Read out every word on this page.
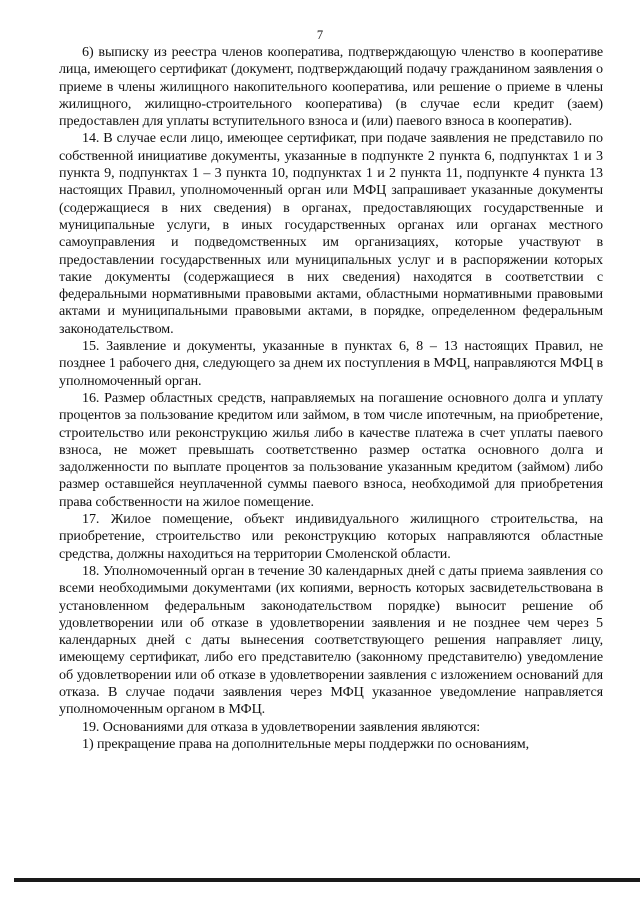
7

6) выписку из реестра членов кооператива, подтверждающую членство в кооперативе лица, имеющего сертификат (документ, подтверждающий подачу гражданином заявления о приеме в члены жилищного накопительного кооператива, или решение о приеме в члены жилищного, жилищно-строительного кооператива) (в случае если кредит (заем) предоставлен для уплаты вступительного взноса и (или) паевого взноса в кооператив).

14. В случае если лицо, имеющее сертификат, при подаче заявления не представило по собственной инициативе документы, указанные в подпункте 2 пункта 6, подпунктах 1 и 3 пункта 9, подпунктах 1 – 3 пункта 10, подпунктах 1 и 2 пункта 11, подпункте 4 пункта 13 настоящих Правил, уполномоченный орган или МФЦ запрашивает указанные документы (содержащиеся в них сведения) в органах, предоставляющих государственные и муниципальные услуги, в иных государственных органах или органах местного самоуправления и подведомственных им организациях, которые участвуют в предоставлении государственных или муниципальных услуг и в распоряжении которых такие документы (содержащиеся в них сведения) находятся в соответствии с федеральными нормативными правовыми актами, областными нормативными правовыми актами и муниципальными правовыми актами, в порядке, определенном федеральным законодательством.

15. Заявление и документы, указанные в пунктах 6, 8 – 13 настоящих Правил, не позднее 1 рабочего дня, следующего за днем их поступления в МФЦ, направляются МФЦ в уполномоченный орган.

16. Размер областных средств, направляемых на погашение основного долга и уплату процентов за пользование кредитом или займом, в том числе ипотечным, на приобретение, строительство или реконструкцию жилья либо в качестве платежа в счет уплаты паевого взноса, не может превышать соответственно размер остатка основного долга и задолженности по выплате процентов за пользование указанным кредитом (займом) либо размер оставшейся неуплаченной суммы паевого взноса, необходимой для приобретения права собственности на жилое помещение.

17. Жилое помещение, объект индивидуального жилищного строительства, на приобретение, строительство или реконструкцию которых направляются областные средства, должны находиться на территории Смоленской области.

18. Уполномоченный орган в течение 30 календарных дней с даты приема заявления со всеми необходимыми документами (их копиями, верность которых засвидетельствована в установленном федеральным законодательством порядке) выносит решение об удовлетворении или об отказе в удовлетворении заявления и не позднее чем через 5 календарных дней с даты вынесения соответствующего решения направляет лицу, имеющему сертификат, либо его представителю (законному представителю) уведомление об удовлетворении или об отказе в удовлетворении заявления с изложением оснований для отказа. В случае подачи заявления через МФЦ указанное уведомление направляется уполномоченным органом в МФЦ.

19. Основаниями для отказа в удовлетворении заявления являются:

1) прекращение права на дополнительные меры поддержки по основаниям,
